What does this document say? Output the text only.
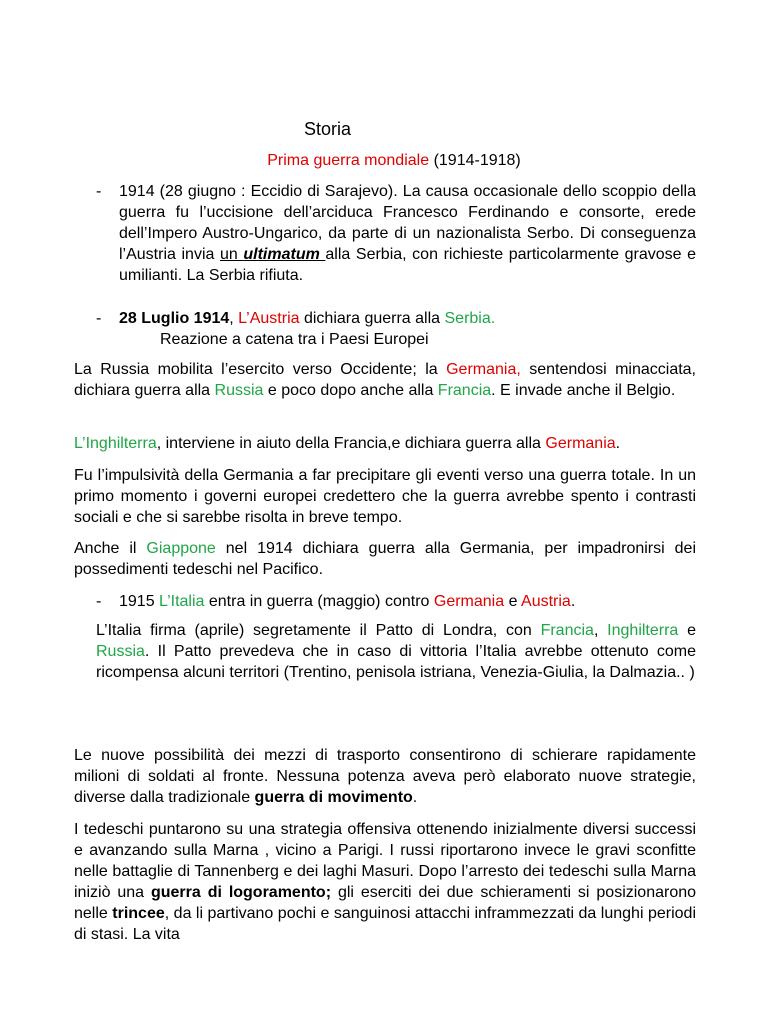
Storia
Prima guerra mondiale (1914-1918)
- 1914 (28 giugno : Eccidio di Sarajevo). La causa occasionale dello scoppio della guerra fu l’uccisione dell’arciduca Francesco Ferdinando e consorte, erede dell’Impero Austro-Ungarico, da parte di un nazionalista Serbo. Di conseguenza l’Austria invia un ultimatum alla Serbia, con richieste particolarmente gravose e umilianti. La Serbia rifiuta.
- 28 Luglio 1914, L’Austria dichiara guerra alla Serbia.
Reazione a catena tra i Paesi Europei

La Russia mobilita l’esercito verso Occidente; la Germania, sentendosi minacciata, dichiara guerra alla Russia e poco dopo anche alla Francia. E invade anche il Belgio.

L’Inghilterra, interviene in aiuto della Francia,e dichiara guerra alla Germania.

Fu l’impulsività della Germania a far precipitare gli eventi verso una guerra totale. In un primo momento i governi europei credettero che la guerra avrebbe spento i contrasti sociali e che si sarebbe risolta in breve tempo.

Anche il Giappone nel 1914 dichiara guerra alla Germania, per impadronirsi dei possedimenti tedeschi nel Pacifico.

- 1915 L’Italia entra in guerra (maggio) contro Germania e Austria.

L’Italia firma (aprile) segretamente il Patto di Londra, con Francia, Inghilterra e Russia. Il Patto prevedeva che in caso di vittoria l’Italia avrebbe ottenuto come ricompensa alcuni territori (Trentino, penisola istriana, Venezia-Giulia, la Dalmazia.. )

Le nuove possibilità dei mezzi di trasporto consentirono di schierare rapidamente milioni di soldati al fronte. Nessuna potenza aveva però elaborato nuove strategie, diverse dalla tradizionale guerra di movimento.

I tedeschi puntarono su una strategia offensiva ottenendo inizialmente diversi successi e avanzando sulla Marna , vicino a Parigi. I russi riportarono invece le gravi sconfitte nelle battaglie di Tannenberg e dei laghi Masuri. Dopo l’arresto dei tedeschi sulla Marna iniziò una guerra di logoramento; gli eserciti dei due schieramenti si posizionarono nelle trincee, da li partivano pochi e sanguinosi attacchi inframmezzati da lunghi periodi di stasi. La vita
